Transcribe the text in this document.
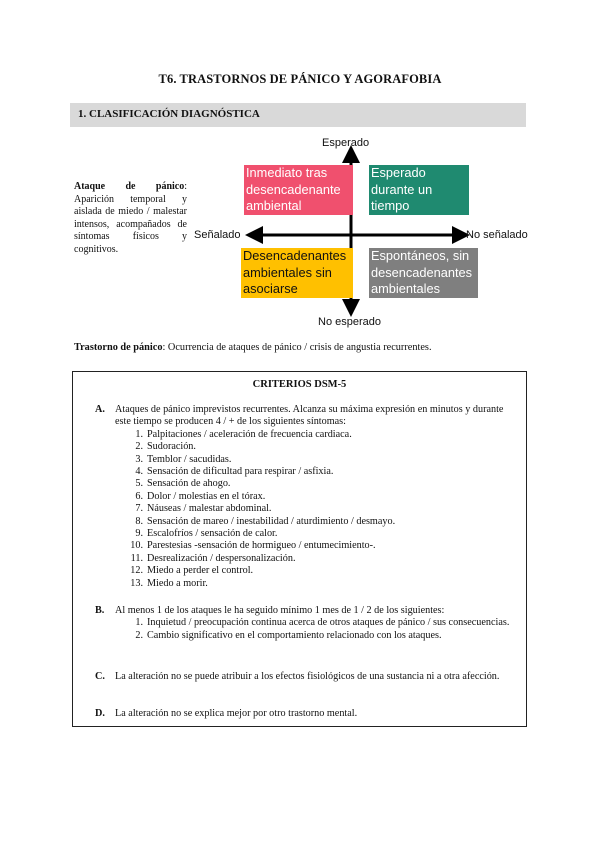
T6. TRASTORNOS DE PÁNICO Y AGORAFOBIA
1. CLASIFICACIÓN DIAGNÓSTICA
Ataque de pánico: Aparición temporal y aislada de miedo / malestar intensos, acompañados de síntomas físicos y cognitivos.
Esperado
No esperado
Señalado	No señalado
Inmediato tras desencadenante ambiental
Esperado durante un tiempo
Desencadenantes ambientales sin asociarse
Espontáneos, sin desencadenantes ambientales
Trastorno de pánico: Ocurrencia de ataques de pánico / crisis de angustia recurrentes.
CRITERIOS DSM-5
A. Ataques de pánico imprevistos recurrentes. Alcanza su máxima expresión en minutos y durante este tiempo se producen 4 / + de los siguientes síntomas:
1. Palpitaciones / aceleración de frecuencia cardiaca.
2. Sudoración.
3. Temblor / sacudidas.
4. Sensación de dificultad para respirar / asfixia.
5. Sensación de ahogo.
6. Dolor / molestias en el tórax.
7. Náuseas / malestar abdominal.
8. Sensación de mareo / inestabilidad / aturdimiento / desmayo.
9. Escalofríos / sensación de calor.
10. Parestesias -sensación de hormigueo / entumecimiento-.
11. Desrealización / despersonalización.
12. Miedo a perder el control.
13. Miedo a morir.
B. Al menos 1 de los ataques le ha seguido mínimo 1 mes de 1 / 2 de los siguientes:
1. Inquietud / preocupación continua acerca de otros ataques de pánico / sus consecuencias.
2. Cambio significativo en el comportamiento relacionado con los ataques.
C. La alteración no se puede atribuir a los efectos fisiológicos de una sustancia ni a otra afección.
D. La alteración no se explica mejor por otro trastorno mental.
